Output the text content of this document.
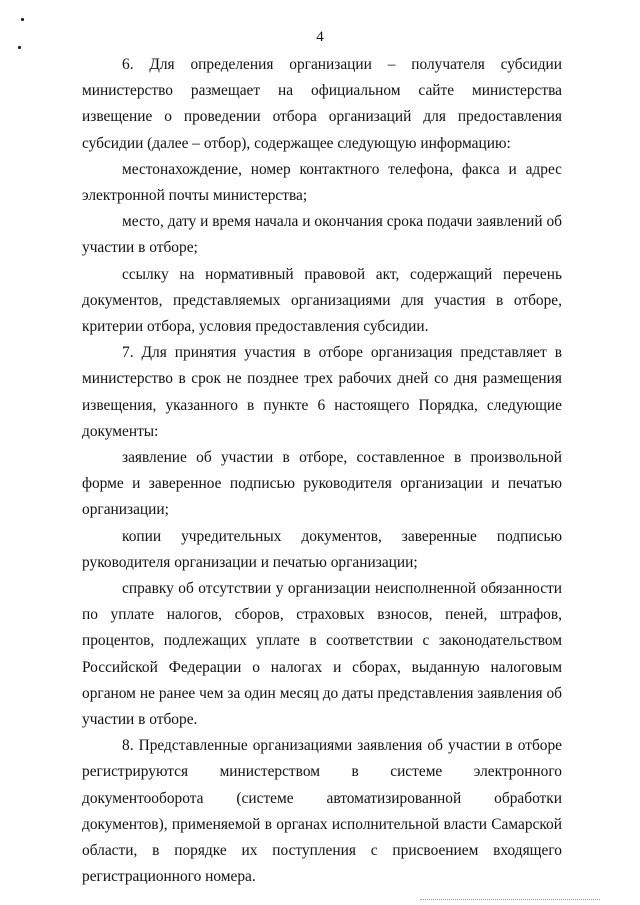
4

6. Для определения организации – получателя субсидии министерство размещает на официальном сайте министерства извещение о проведении отбора организаций для предоставления субсидии (далее – отбор), содержащее следующую информацию:

местонахождение, номер контактного телефона, факса и адрес электронной почты министерства;

место, дату и время начала и окончания срока подачи заявлений об участии в отборе;

ссылку на нормативный правовой акт, содержащий перечень документов, представляемых организациями для участия в отборе, критерии отбора, условия предоставления субсидии.

7. Для принятия участия в отборе организация представляет в министерство в срок не позднее трех рабочих дней со дня размещения извещения, указанного в пункте 6 настоящего Порядка, следующие документы:

заявление об участии в отборе, составленное в произвольной форме и заверенное подписью руководителя организации и печатью организации;

копии учредительных документов, заверенные подписью руководителя организации и печатью организации;

справку об отсутствии у организации неисполненной обязанности по уплате налогов, сборов, страховых взносов, пеней, штрафов, процентов, подлежащих уплате в соответствии с законодательством Российской Федерации о налогах и сборах, выданную налоговым органом не ранее чем за один месяц до даты представления заявления об участии в отборе.

8. Представленные организациями заявления об участии в отборе регистрируются министерством в системе электронного документооборота (системе автоматизированной обработки документов), применяемой в органах исполнительной власти Самарской области, в порядке их поступления с присвоением входящего регистрационного номера.
